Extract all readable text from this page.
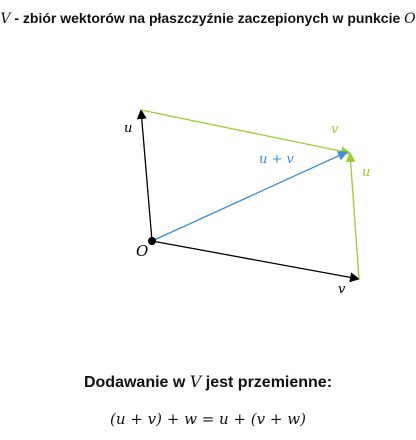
V - zbiór wektorów na płaszczyźnie zaczepionych w punkcie O
O
u
v
v
u
u + v
Dodawanie w V jest przemienne:
(u + v) + w = u + (v + w)
